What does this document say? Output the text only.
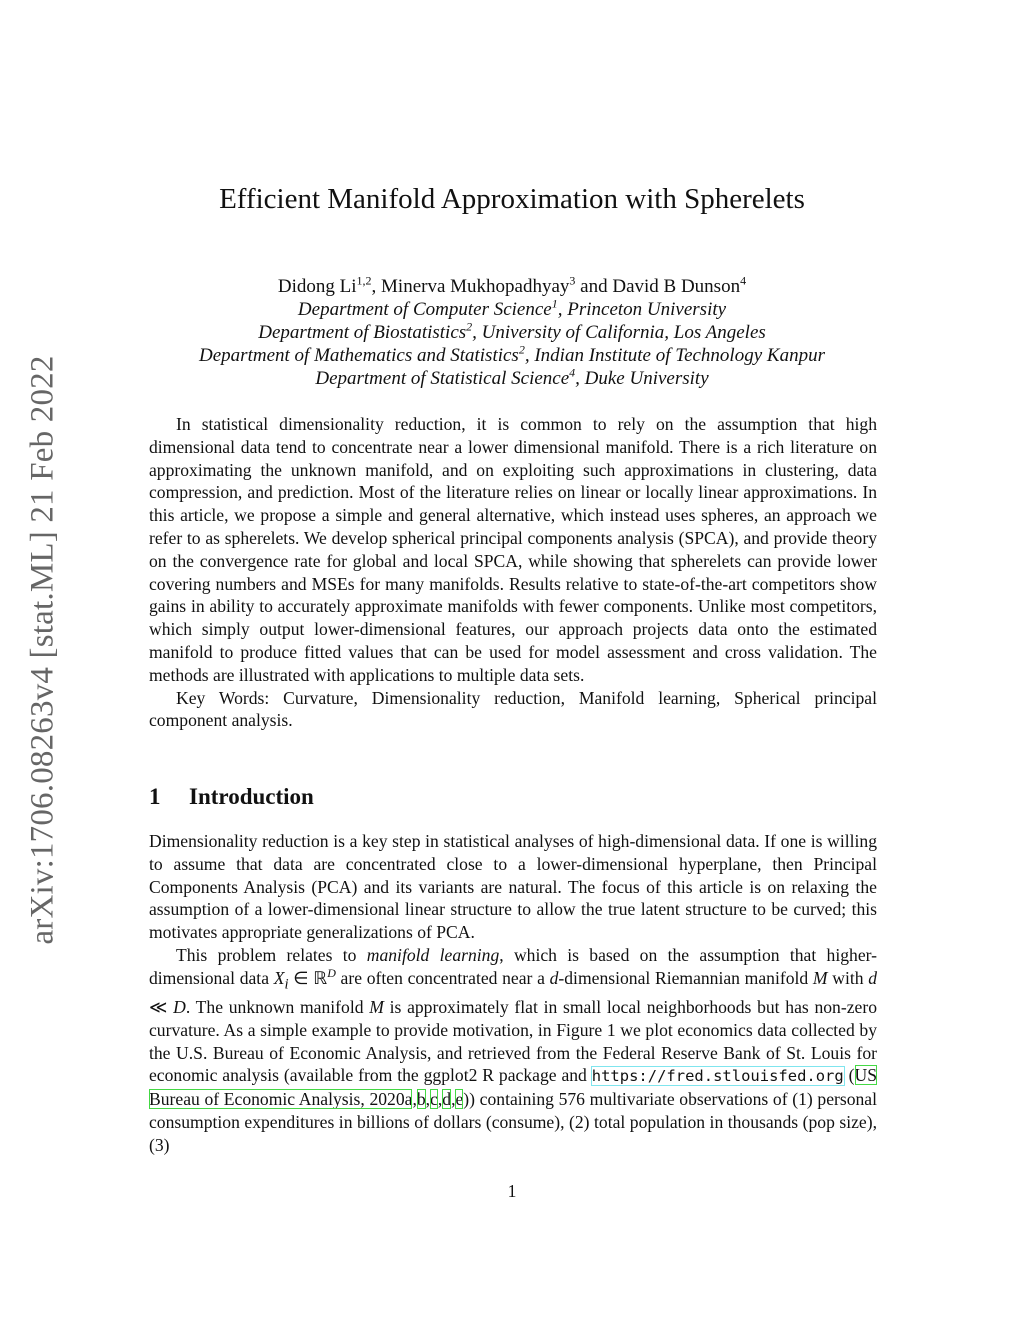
arXiv:1706.08263v4 [stat.ML] 21 Feb 2022
Efficient Manifold Approximation with Spherelets
Didong Li$^{1,2}$, Minerva Mukhopadhyay$^3$ and David B Dunson$^4$
Department of Computer Science$^1$, Princeton University
Department of Biostatistics$^2$, University of California, Los Angeles
Department of Mathematics and Statistics$^2$, Indian Institute of Technology Kanpur
Department of Statistical Science$^4$, Duke University

In statistical dimensionality reduction, it is common to rely on the assumption that high dimensional data tend to concentrate near a lower dimensional manifold. There is a rich literature on approximating the unknown manifold, and on exploiting such approximations in clustering, data compression, and prediction. Most of the literature relies on linear or locally linear approximations. In this article, we propose a simple and general alternative, which instead uses spheres, an approach we refer to as spherelets. We develop spherical principal components analysis (SPCA), and provide theory on the convergence rate for global and local SPCA, while showing that spherelets can provide lower covering numbers and MSEs for many manifolds. Results relative to state-of-the-art competitors show gains in ability to accurately approximate manifolds with fewer components. Unlike most competitors, which simply output lower-dimensional features, our approach projects data onto the estimated manifold to produce fitted values that can be used for model assessment and cross validation. The methods are illustrated with applications to multiple data sets.

Key Words: Curvature, Dimensionality reduction, Manifold learning, Spherical principal component analysis.

1 Introduction

Dimensionality reduction is a key step in statistical analyses of high-dimensional data. If one is willing to assume that data are concentrated close to a lower-dimensional hyperplane, then Principal Components Analysis (PCA) and its variants are natural. The focus of this article is on relaxing the assumption of a lower-dimensional linear structure to allow the true latent structure to be curved; this motivates appropriate generalizations of PCA.

This problem relates to manifold learning, which is based on the assumption that higher-dimensional data $X_i$ ∈ ℝ$^D$ are often concentrated near a d-dimensional Riemannian manifold M with d ≪ D. The unknown manifold M is approximately flat in small local neighborhoods but has non-zero curvature. As a simple example to provide motivation, in Figure 1 we plot economics data collected by the U.S. Bureau of Economic Analysis, and retrieved from the Federal Reserve Bank of St. Louis for economic analysis (available from the ggplot2 R package and https://fred.stlouisfed.org (US Bureau of Economic Analysis, 2020a,b,c,d,e)) containing 576 multivariate observations of (1) personal consumption expenditures in billions of dollars (consume), (2) total population in thousands (pop size), (3)

1
